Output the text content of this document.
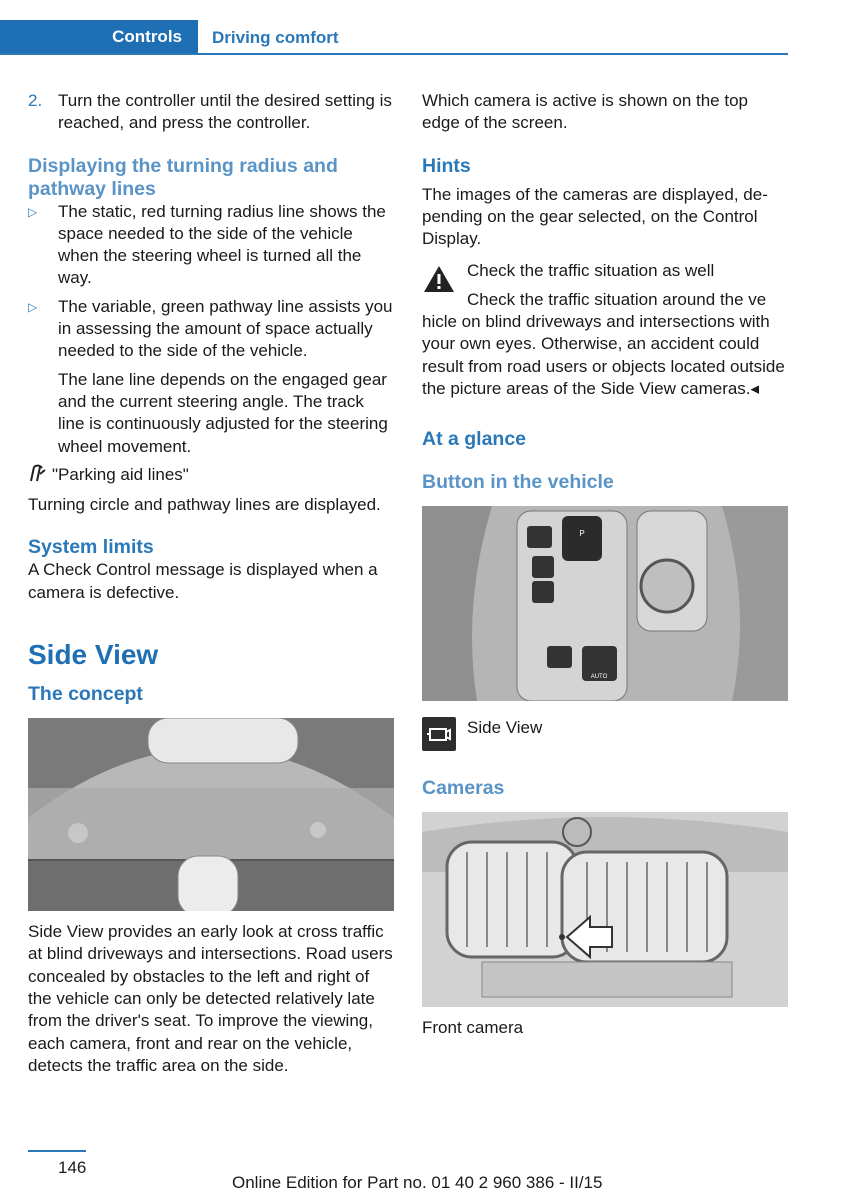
Controls Driving comfort
2. Turn the controller until the desired setting is reached, and press the controller.
Displaying the turning radius and pathway lines
▷	The static, red turning radius line shows the space needed to the side of the vehicle when the steering wheel is turned all the way.
▷	The variable, green pathway line assists you in assessing the amount of space actually needed to the side of the vehicle.

The lane line depends on the engaged gear and the current steering angle. The track line is continuously adjusted for the steering wheel movement.

"Parking aid lines"

Turning circle and pathway lines are displayed.

System limits

A Check Control message is displayed when a camera is defective.

Side View
The concept

Side View provides an early look at cross traffic at blind driveways and intersections. Road users concealed by obstacles to the left and right of the vehicle can only be detected relatively late from the driver's seat. To improve the viewing, each camera, front and rear on the vehicle, detects the traffic area on the side.

Which camera is active is shown on the top edge of the screen.

Hints

The images of the cameras are displayed, depending on the gear selected, on the Control Display.

Check the traffic situation as well

Check the traffic situation around the ve

hicle on blind driveways and intersections with your own eyes. Otherwise, an accident could result from road users or objects located outside the picture areas of the Side View cameras.◂

At a glance
Button in the vehicle
P
AUTO
Side View
Cameras

Front camera

146
Online Edition for Part no. 01 40 2 960 386 - II/15
